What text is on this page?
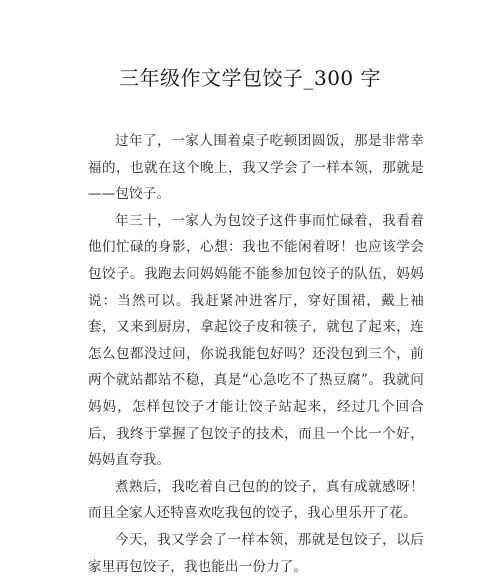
三年级作文学包饺子_300 字

过年了，一家人围着桌子吃顿团圆饭，那是非常幸福的，也就在这个晚上，我又学会了一样本领，那就是——包饺子。

年三十，一家人为包饺子这件事而忙碌着，我看着他们忙碌的身影，心想：我也不能闲着呀！也应该学会包饺子。我跑去问妈妈能不能参加包饺子的队伍，妈妈说：当然可以。我赶紧冲进客厅，穿好围裙，戴上袖套，又来到厨房，拿起饺子皮和筷子，就包了起来，连怎么包都没过问，你说我能包好吗？还没包到三个，前两个就站都站不稳，真是“心急吃不了热豆腐”。我就问妈妈，怎样包饺子才能让饺子站起来，经过几个回合后，我终于掌握了包饺子的技术，而且一个比一个好，妈妈直夸我。

煮熟后，我吃着自己包的的饺子，真有成就感呀！而且全家人还特喜欢吃我包的饺子，我心里乐开了花。

今天，我又学会了一样本领，那就是包饺子，以后家里再包饺子，我也能出一份力了。
